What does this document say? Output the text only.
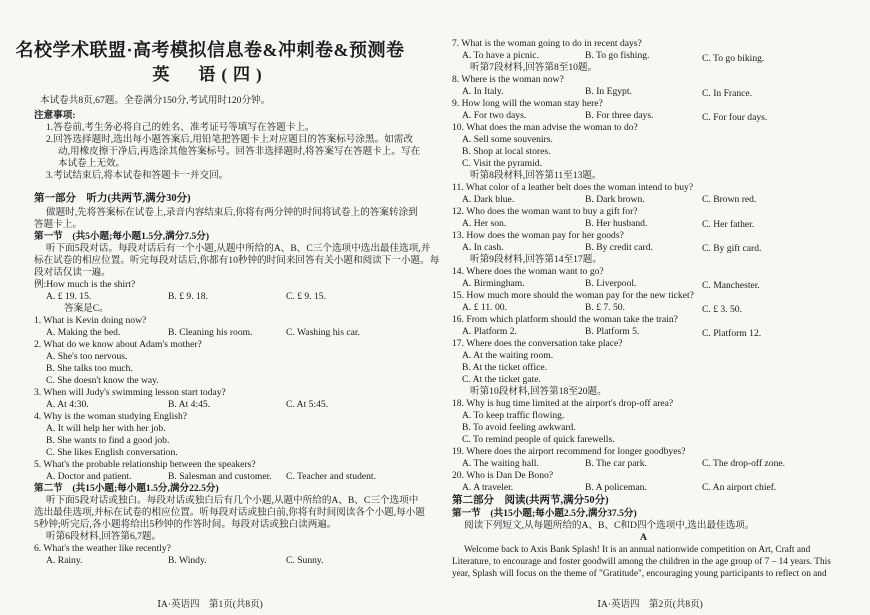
名校学术联盟·高考模拟信息卷&冲刺卷&预测卷
英　语(四)
本试卷共8页,67题。全卷满分150分,考试用时120分钟。
注意事项:
1.答卷前,考生务必将自己的姓名、准考证号等填写在答题卡上。
2.回答选择题时,选出每小题答案后,用铅笔把答题卡上对应题目的答案标号涂黑。如需改
动,用橡皮擦干净后,再选涂其他答案标号。回答非选择题时,将答案写在答题卡上。写在
本试卷上无效。
3.考试结束后,将本试卷和答题卡一并交回。
第一部分　听力(共两节,满分30分)
做题时,先将答案标在试卷上,录音内容结束后,你将有两分钟的时间将试卷上的答案转涂到
答题卡上。
第一节　(共5小题;每小题1.5分,满分7.5分)
听下面5段对话。每段对话后有一个小题,从题中所给的A、B、C三个选项中选出最佳选项,并
标在试卷的相应位置。听完每段对话后,你都有10秒钟的时间来回答有关小题和阅读下一小题。每
段对话仅读一遍。
例:How much is the shirt?
A. £ 19. 15.	B. £ 9. 18.	C. £ 9. 15.
答案是C。
1. What is Kevin doing now?
A. Making the bed.	B. Cleaning his room.	C. Washing his car.
2. What do we know about Adam's mother?
A. She's too nervous.
B. She talks too much.
C. She doesn't know the way.
3. When will Judy's swimming lesson start today?
A. At 4:30.	B. At 4:45.	C. At 5:45.
4. Why is the woman studying English?
A. It will help her with her job.
B. She wants to find a good job.
C. She likes English conversation.
5. What's the probable relationship between the speakers?
A. Doctor and patient.	B. Salesman and customer. C. Teacher and student.
第二节　(共15小题;每小题1.5分,满分22.5分)
听下面5段对话或独白。每段对话或独白后有几个小题,从题中所给的A、B、C三个选项中
选出最佳选项,并标在试卷的相应位置。听每段对话或独白前,你将有时间阅读各个小题,每小题
5秒钟;听完后,各小题将给出5秒钟的作答时间。每段对话或独白读两遍。
听第6段材料,回答第6,7题。
6. What's the weather like recently?
A. Rainy.	B. Windy.	C. Sunny.
ⅠA·英语四　第1页(共8页)
7. What is the woman going to do in recent days?
A. To have a picnic.	B. To go fishing.	C. To go biking.
听第7段材料,回答第8至10题。
8. Where is the woman now?
A. In Italy.	B. In Egypt.	C. In France.
9. How long will the woman stay here?
A. For two days.	B. For three days.	C. For four days.
10. What does the man advise the woman to do?
A. Sell some souvenirs.
B. Shop at local stores.
C. Visit the pyramid.
听第8段材料,回答第11至13题。
11. What color of a leather belt does the woman intend to buy?
A. Dark blue.	B. Dark brown.	C. Brown red.
12. Who does the woman want to buy a gift for?
A. Her son.	B. Her husband.	C. Her father.
13. How does the woman pay for her goods?
A. In cash.	B. By credit card.	C. By gift card.
听第9段材料,回答第14至17题。
14. Where does the woman want to go?
A. Birmingham.	B. Liverpool.	C. Manchester.
15. How much more should the woman pay for the new ticket?
A. £ 11. 00.	B. £ 7. 50.	C. £ 3. 50.
16. From which platform should the woman take the train?
A. Platform 2.	B. Platform 5.	C. Platform 12.
17. Where does the conversation take place?
A. At the waiting room.
B. At the ticket office.
C. At the ticket gate.
听第10段材料,回答第18至20题。
18. Why is hug time limited at the airport's drop-off area?
A. To keep traffic flowing.
B. To avoid feeling awkward.
C. To remind people of quick farewells.
19. Where does the airport recommend for longer goodbyes?
A. The waiting hall.	B. The car park.	C. The drop-off zone.
20. Who is Dan De Bono?
A. A traveler.	B. A policeman.	C. An airport chief.
第二部分　阅读(共两节,满分50分)
第一节　(共15小题;每小题2.5分,满分37.5分)
阅读下列短文,从每题所给的A、B、C和D四个选项中,选出最佳选项。
A
Welcome back to Axis Bank Splash! It is an annual nationwide competition on Art, Craft and
Literature, to encourage and foster goodwill among the children in the age group of 7 – 14 years. This
year, Splash will focus on the theme of "Gratitude", encouraging young participants to reflect on and
ⅠA·英语四　第2页(共8页)
